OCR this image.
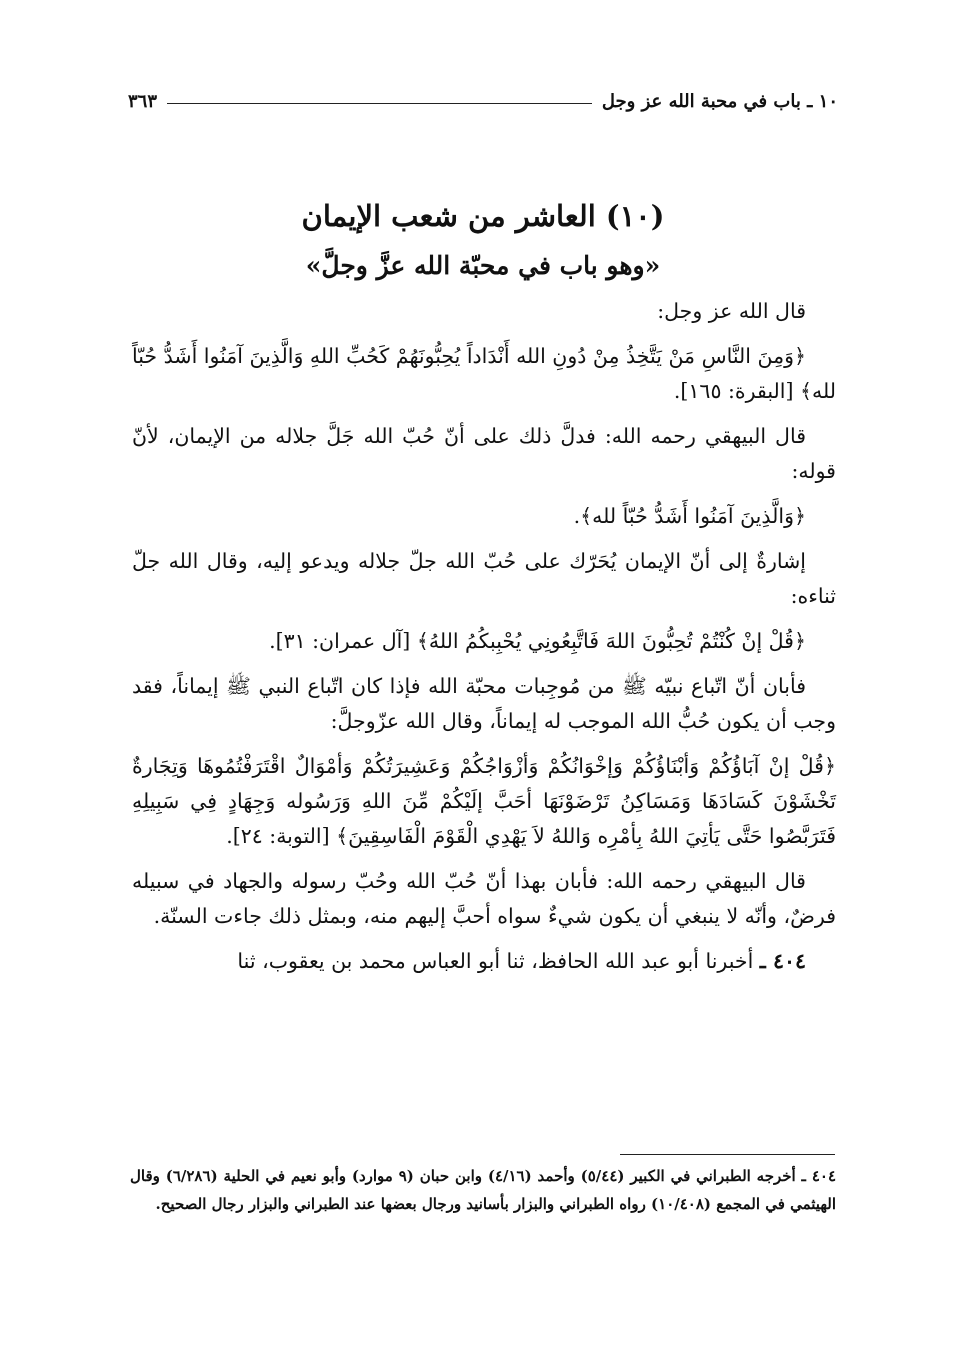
١٠ ـ باب في محبة الله عز وجل
٣٦٣
(١٠) العاشر من شعب الإيمان
«وهو باب في محبّة الله عزَّ وجلَّ»

قال الله عز وجل:

﴿وَمِنَ النَّاسِ مَنْ يَتَّخِذُ مِنْ دُونِ الله أَنْدَاداً يُحِبُّونَهُمْ كَحُبِّ اللهِ وَالَّذِينَ آمَنُوا أَشَدُّ حُبّاً لله﴾ [البقرة: ١٦٥].

قال البيهقي رحمه الله: فدلَّ ذلك على أنّ حُبّ الله جَلَّ جلاله من الإيمان، لأنّ قوله:

﴿وَالَّذِينَ آمَنُوا أَشَدُّ حُبّاً لله﴾.

إشارةٌ إلى أنّ الإيمان يُحَرّك على حُبّ الله جلّ جلاله ويدعو إليه، وقال الله جلّ ثناءه:

﴿قُلْ إنْ كُنْتُمْ تُحِبُّونَ اللهَ فَاتَّبِعُونِي يُحْبِبكُمُ اللهُ﴾ [آل عمران: ٣١].

فأبان أنّ اتّباع نبيّه ﷺ من مُوجِبات محبّة الله فإذا كان اتّباع النبي ﷺ إيماناً، فقد وجب أن يكون حُبُّ الله الموجب له إيماناً، وقال الله عزّوجلَّ:

﴿قُلْ إنْ آبَاؤُكُمْ وَأبْنَاؤُكُمْ وَإخْوَانُكُمْ وَأزْوَاجُكُمْ وَعَشِيرَتُكُمْ وَأمْوَالٌ اقْتَرَفْتُمُوهَا وَتِجَارةٌ تَخْشَوْنَ كَسَادَهَا وَمَسَاكِنُ تَرْضَوْنَهَا أحَبَّ إلَيْكُمْ مِّنَ اللهِ وَرَسُوله وَجِهَادٍ فِي سَبِيلِهِ فَتَرَبَّصُوا حَتَّى يَأتِيَ اللهُ بِأمْرِه وَاللهُ لاَ يَهْدِي الْقَوْمَ الْفَاسِقِينَ﴾ [التوبة: ٢٤].

قال البيهقي رحمه الله: فأبان بهذا أنّ حُبّ الله وحُبّ رسوله والجهاد في سبيله فرضٌ، وأنّه لا ينبغي أن يكون شيءٌ سواه أحبَّ إليهم منه، وبمثل ذلك جاءت السنّة.

٤٠٤ ـ أخبرنا أبو عبد الله الحافظ، ثنا أبو العباس محمد بن يعقوب، ثنا

٤٠٤ ـ أخرجه الطبراني في الكبير (٥/٤٤) وأحمد (٤/١٦) وابن حبان (٩ موارد) وأبو نعيم في الحلية (٦/٢٨٦) وقال الهيثمي في المجمع (١٠/٤٠٨) رواه الطبراني والبزار بأسانيد ورجال بعضها عند الطبراني والبزار رجال الصحيح.
